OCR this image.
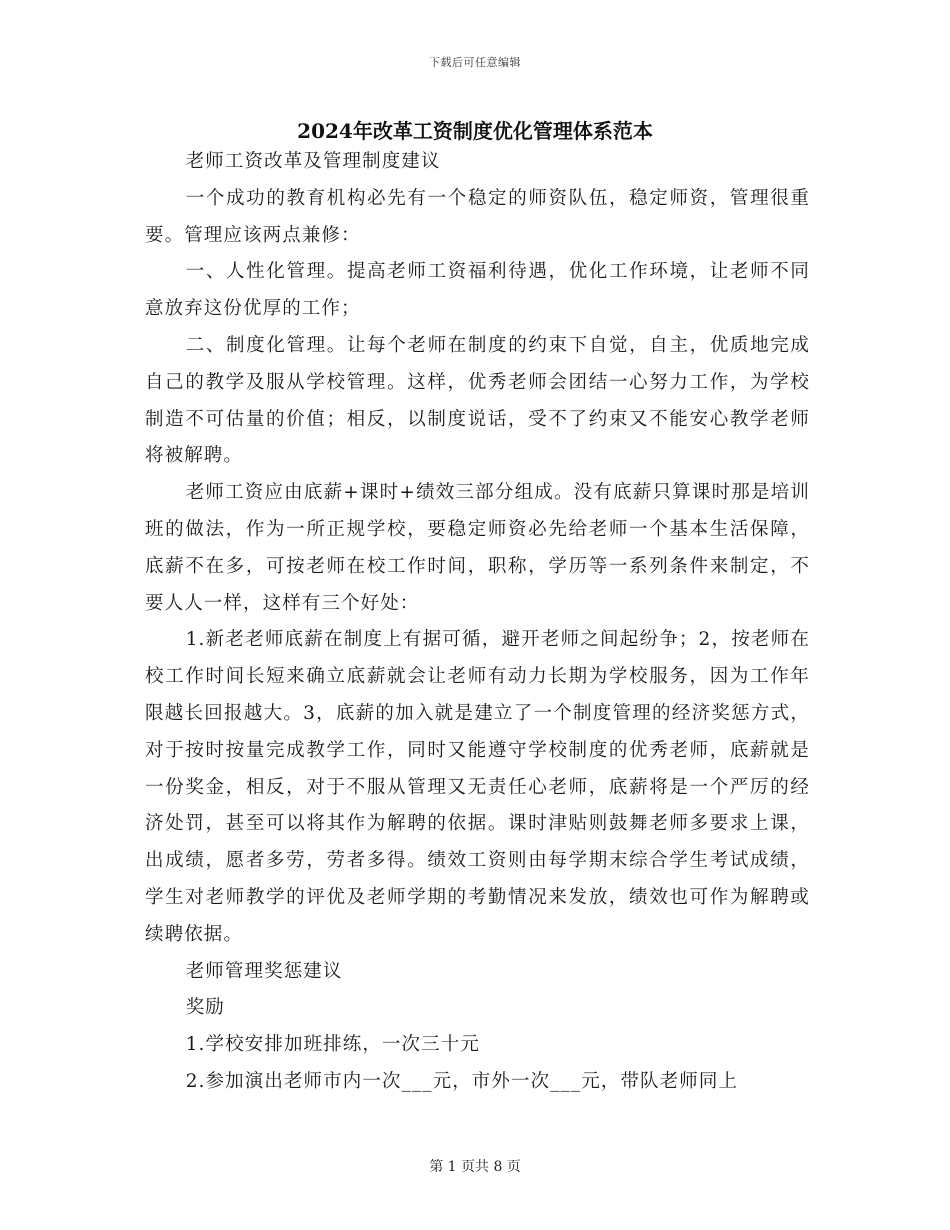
下载后可任意编辑
2024年改革工资制度优化管理体系范本

老师工资改革及管理制度建议

一个成功的教育机构必先有一个稳定的师资队伍，稳定师资，管理很重要。管理应该两点兼修：

一、人性化管理。提高老师工资福利待遇，优化工作环境，让老师不同意放弃这份优厚的工作；

二、制度化管理。让每个老师在制度的约束下自觉，自主，优质地完成自己的教学及服从学校管理。这样，优秀老师会团结一心努力工作，为学校制造不可估量的价值；相反，以制度说话，受不了约束又不能安心教学老师将被解聘。

老师工资应由底薪+课时+绩效三部分组成。没有底薪只算课时那是培训班的做法，作为一所正规学校，要稳定师资必先给老师一个基本生活保障，底薪不在多，可按老师在校工作时间，职称，学历等一系列条件来制定，不要人人一样，这样有三个好处：

1.新老老师底薪在制度上有据可循，避开老师之间起纷争；2，按老师在校工作时间长短来确立底薪就会让老师有动力长期为学校服务，因为工作年限越长回报越大。3，底薪的加入就是建立了一个制度管理的经济奖惩方式，对于按时按量完成教学工作，同时又能遵守学校制度的优秀老师，底薪就是一份奖金，相反，对于不服从管理又无责任心老师，底薪将是一个严厉的经济处罚，甚至可以将其作为解聘的依据。课时津贴则鼓舞老师多要求上课，出成绩，愿者多劳，劳者多得。绩效工资则由每学期末综合学生考试成绩，学生对老师教学的评优及老师学期的考勤情况来发放，绩效也可作为解聘或续聘依据。

老师管理奖惩建议

奖励

1.学校安排加班排练，一次三十元

2.参加演出老师市内一次___元，市外一次___元，带队老师同上

第 1 页共 8 页
